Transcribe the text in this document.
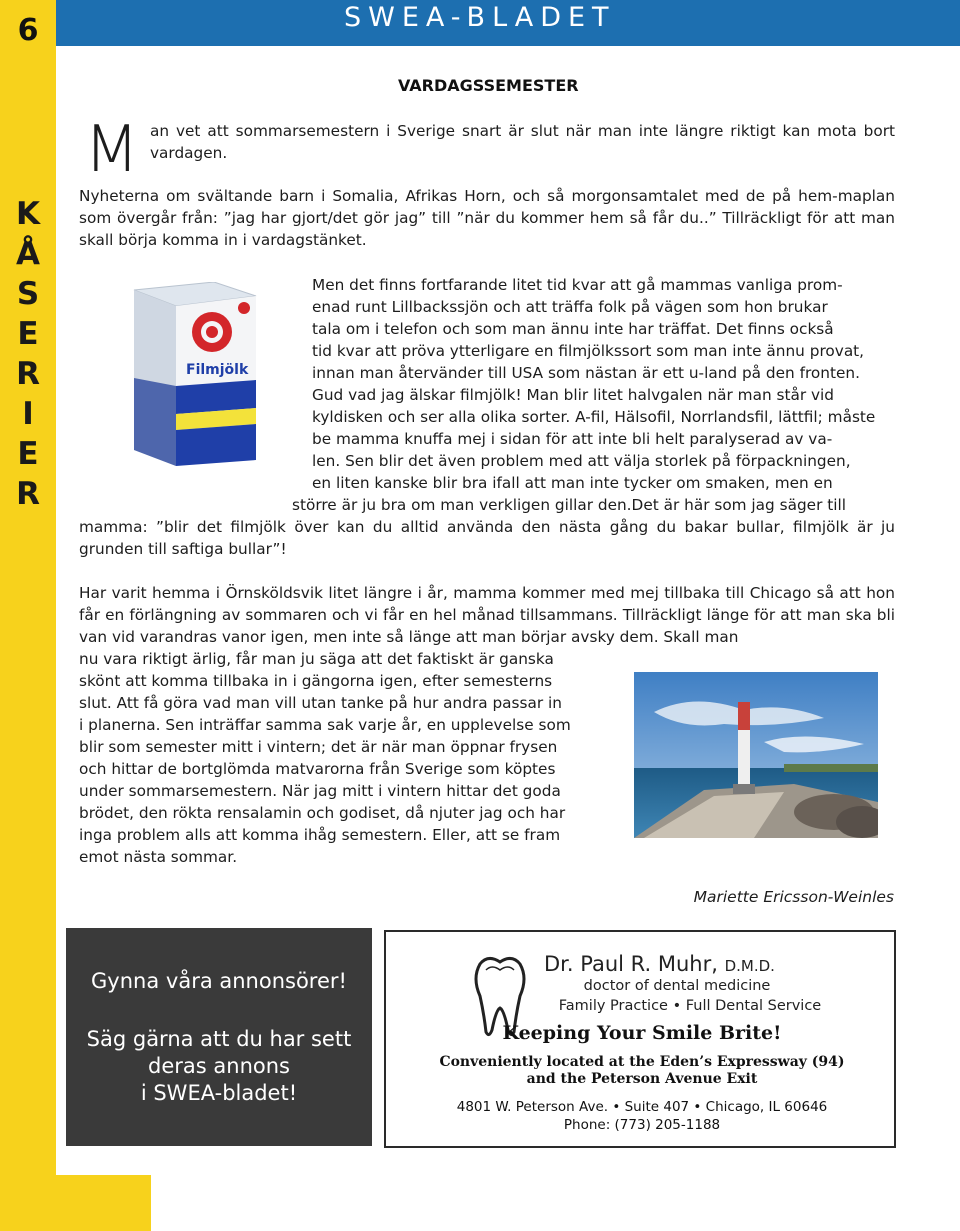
SWEA-BLADET
K
Å
S
E
R
I
E
R
6
VARDAGSSEMESTER
M an vet att sommarsemestern i Sverige snart är slut när man inte längre riktigt kan mota bort vardagen.

Nyheterna om svältande barn i Somalia, Afrikas Horn, och så morgonsamtalet med de på hem-maplan som övergår från: ”jag har gjort/det gör jag” till ”när du kommer hem så får du..” Tillräckligt för att man skall börja komma in i vardagstänket.

Filmjölk

Men det finns fortfarande litet tid kvar att gå mammas vanliga prom-

enad runt Lillbackssjön och att träffa folk på vägen som hon brukar

tala om i telefon och som man ännu inte har träffat. Det finns också

tid kvar att pröva ytterligare en filmjölkssort som man inte ännu provat,

innan man återvänder till USA som nästan är ett u-land på den fronten.

Gud vad jag älskar filmjölk! Man blir litet halvgalen när man står vid

kyldisken och ser alla olika sorter. A-fil, Hälsofil, Norrlandsfil, lättfil; måste

be mamma knuffa mej i sidan för att inte bli helt paralyserad av va-

len. Sen blir det även problem med att välja storlek på förpackningen,

en liten kanske blir bra ifall att man inte tycker om smaken, men en

större är ju bra om man verkligen gillar den.Det är här som jag säger till

mamma: ”blir det filmjölk över kan du alltid använda den nästa gång du bakar bullar, filmjölk är ju grunden till saftiga bullar”!

Har varit hemma i Örnsköldsvik litet längre i år, mamma kommer med mej tillbaka till Chicago så att hon får en förlängning av sommaren och vi får en hel månad tillsammans. Tillräckligt länge för att man ska bli van vid varandras vanor igen, men inte så länge att man börjar avsky dem. Skall man

nu vara riktigt ärlig, får man ju säga att det faktiskt är ganska

skönt att komma tillbaka in i gängorna igen, efter semesterns

slut. Att få göra vad man vill utan tanke på hur andra passar in

i planerna. Sen inträffar samma sak varje år, en upplevelse som

blir som semester mitt i vintern; det är när man öppnar frysen

och hittar de bortglömda matvarorna från Sverige som köptes

under sommarsemestern. När jag mitt i vintern hittar det goda

brödet, den rökta rensalamin och godiset, då njuter jag och har

inga problem alls att komma ihåg semestern. Eller, att se fram

emot nästa sommar.

Mariette Ericsson-Weinles
Gynna våra annonsörer!
Säg gärna att du har sett
deras annons
i SWEA-bladet!
Dr. Paul R. Muhr, D.M.D.
doctor of dental medicine
Family Practice • Full Dental Service
Keeping Your Smile Brite!
Conveniently located at the Eden’s Expressway (94)
and the Peterson Avenue Exit
4801 W. Peterson Ave. • Suite 407 • Chicago, IL 60646
Phone: (773) 205-1188
